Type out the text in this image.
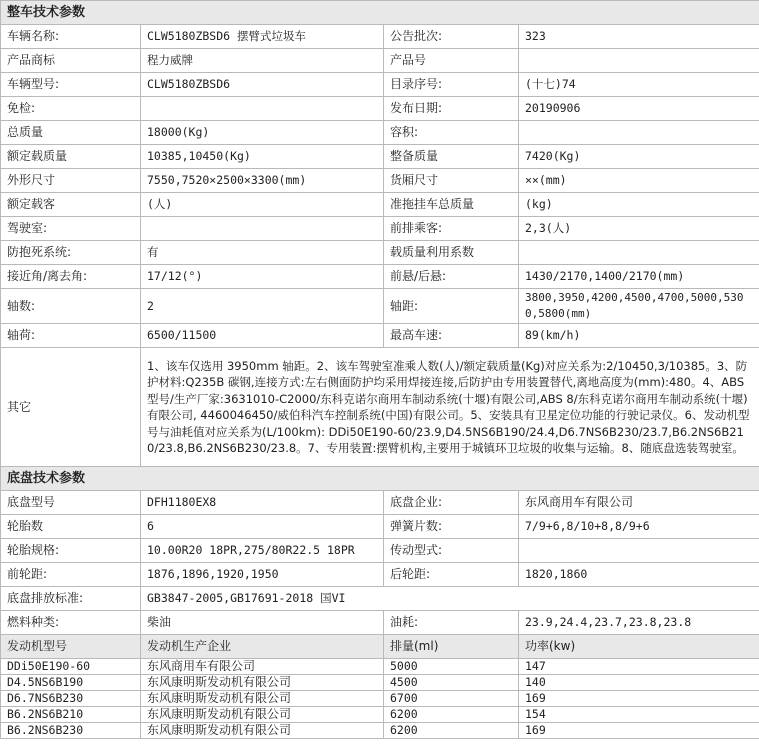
整车技术参数			
车辆名称:	CLW5180ZBSD6 摆臂式垃圾车	公告批次:	323
产品商标	程力威牌	产品号	
车辆型号:	CLW5180ZBSD6	目录序号:	(十七)74
免检:		发布日期:	20190906
总质量	18000(Kg)	容积:	
额定载质量	10385,10450(Kg)	整备质量	7420(Kg)
外形尺寸	7550,7520×2500×3300(mm)	货厢尺寸	××(mm)
额定载客	(人)	准拖挂车总质量	(kg)
驾驶室:		前排乘客:	2,3(人)
防抱死系统:	有	载质量利用系数	
接近角/离去角:	17/12(°)	前悬/后悬:	1430/2170,1400/2170(mm)
轴数:	2	轴距:	3800,3950,4200,4500,4700,5000,5300,5800(mm)
轴荷:	6500/11500	最高车速:	89(km/h)
其它	1、该车仅选用 3950mm 轴距。2、该车驾驶室准乘人数(人)/额定载质量(Kg)对应关系为:2/10450,3/10385。3、防护材料:Q235B 碳钢,连接方式:左右侧面防护均采用焊接连接,后防护由专用装置替代,离地高度为(mm):480。4、ABS 型号/生产厂家:3631010-C2000/东科克诺尔商用车制动系统(十堰)有限公司,ABS 8/东科克诺尔商用车制动系统(十堰)有限公司, 4460046450/威伯科汽车控制系统(中国)有限公司。5、安装具有卫星定位功能的行驶记录仪。6、发动机型号与油耗值对应关系为(L/100km): DDi50E190-60/23.9,D4.5NS6B190/24.4,D6.7NS6B230/23.7,B6.2NS6B210/23.8,B6.2NS6B230/23.8。7、专用装置:摆臂机构,主要用于城镇环卫垃圾的收集与运输。8、随底盘选装驾驶室。		
底盘技术参数			
底盘型号	DFH1180EX8	底盘企业:	东风商用车有限公司
轮胎数	6	弹簧片数:	7/9+6,8/10+8,8/9+6
轮胎规格:	10.00R20 18PR,275/80R22.5 18PR	传动型式:	
前轮距:	1876,1896,1920,1950	后轮距:	1820,1860
底盘排放标准:	GB3847-2005,GB17691-2018 国VI		
燃料种类:	柴油	油耗:	23.9,24.4,23.7,23.8,23.8
发动机型号	发动机生产企业	排量(ml)	功率(kw)
DDi50E190-60	东风商用车有限公司	5000	147
D4.5NS6B190	东风康明斯发动机有限公司	4500	140
D6.7NS6B230	东风康明斯发动机有限公司	6700	169
B6.2NS6B210	东风康明斯发动机有限公司	6200	154
B6.2NS6B230	东风康明斯发动机有限公司	6200	169
